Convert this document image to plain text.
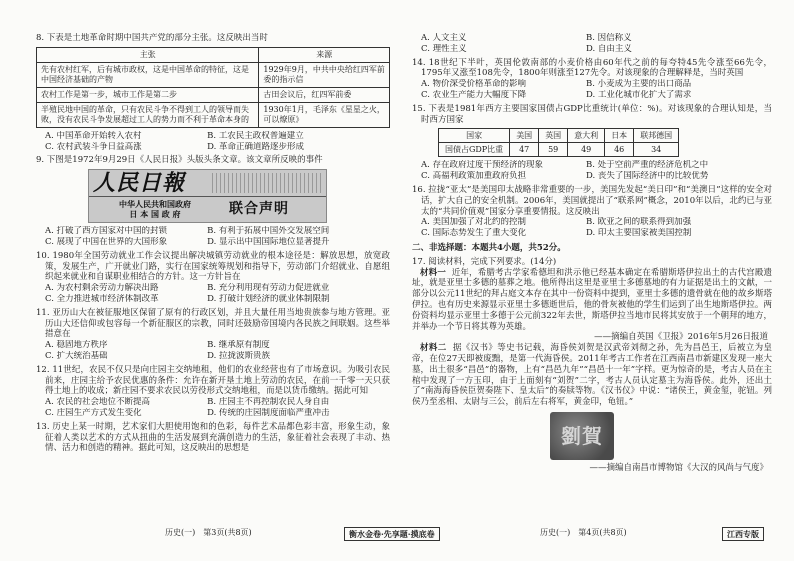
8. 下表是土地革命时期中国共产党的部分主张。这反映出当时

主张	来源
先有农村红军，后有城市政权，这是中国革命的特征，这是中国经济基础的产物	1929年9月，中共中央给红四军前委的指示信
农村工作是第一步，城市工作是第二步	古田会议后，红四军前委
半殖民地中国的革命，只有农民斗争不得到工人的领导而失败，没有农民斗争发展超过工人的势力而不利于革命本身的	1930年1月，毛泽东《星星之火，可以燎原》
A. 中国革命开始转入农村	B. 工农民主政权普遍建立
C. 农村武装斗争日益高涨	D. 革命正确道路逐步形成

9. 下图是1972年9月29日《人民日报》头版头条文章。该文章所反映的事件

人民日報
中华人民共和国政府
日 本 国 政 府	联合声明
A. 打破了西方国家对中国的封锁	B. 有利于拓展中国外交发展空间
C. 展现了中国在世界的大国形象	D. 显示出中国国际地位显著提升

10. 1980年全国劳动就业工作会议提出解决城镇劳动就业的根本途径是：解放思想，放宽政策，发展生产，广开就业门路，实行在国家统筹规划和指导下，劳动部门介绍就业、自愿组织起来就业和自谋职业相结合的方针。这一方针旨在

A. 为农村剩余劳动力解决出路	B. 充分利用现有劳动力促进就业
C. 全力推进城市经济体制改革	D. 打破计划经济的就业体制限制

11. 亚历山大在被征服地区保留了原有的行政区划，并且大量任用当地贵族参与地方管理。亚历山大还信仰或包容每一个新征服区的宗教，同时还鼓励帝国境内各民族之间联姻。这些举措意在

A. 稳固地方秩序	B. 继承原有制度
C. 扩大统治基础	D. 拉拢波斯贵族

12. 11世纪，农民不仅只是向庄园主交纳地租，他们的农业经营也有了市场意识。为吸引农民前来，庄园主给予农民优惠的条件：允许在新开垦土地上劳动的农民，在前一千零一天只获得土地上的收成；新庄园不要求农民以劳役形式交纳地租，而是以货币缴纳。据此可知

A. 农民的社会地位不断提高	B. 庄园主不再控制农民人身自由
C. 庄园生产方式发生变化	D. 传统的庄园制度面临严重冲击

13. 历史上某一时期，艺术家们大胆使用饱和的色彩，每件艺术品都色彩丰富，形象生动，象征着人类以艺术的方式从扭曲的生活发展到充满创造力的生活，象征着社会表现了丰动、热情、活力和创造的精神。据此可知，这反映出的思想是

A. 人文主义	B. 因信称义
C. 理性主义	D. 自由主义

14. 18世纪下半叶，英国伦敦南部的小麦价格由60年代之前的每夸特45先令涨至66先令，1795年又涨至108先令，1800年则涨至127先令。对该现象的合理解释是，当时英国

A. 物价深受价格革命的影响	B. 小麦成为主要的出口商品
C. 农业生产能力大幅度下降	D. 工业化城市化扩大了需求

15. 下表是1981年西方主要国家国债占GDP比重统计(单位：%)。对该现象的合理认知是，当时西方国家

国家	美国	英国	意大利	日本	联邦德国
国债占GDP比重	47	59	49	46	34
A. 存在政府过度干预经济的现象	B. 处于空前严重的经济危机之中
C. 高福利政策加重政府负担	D. 丧失了国际经济中的比较优势

16. 拉拢“亚太”是美国印太战略非常重要的一步，美国先发起“美日印”和“美澳日”这样的安全对话，扩大自己的安全机制。2006年，美国就提出了“联系网”概念，2010年以后，北约已与亚太的“共同价值观”国家分享重要情报。这反映出

A. 美国加强了对北约的控制	B. 欧亚之间的联系得到加强
C. 国际态势发生了重大变化	D. 印太主要国家被美国控制
二、非选择题：本题共4小题，共52分。

17. 阅读材料，完成下列要求。(14分)

材料一 近年，希腊考古学家希德坦和洪示他已经基本确定在希腊斯塔伊拉出土的古代宫殿遗址，就是亚里士多德的墓葬之地。他所得出这里是亚里士多德墓地的有力证据是出土的文献，一部分以公元11世纪的拜占庭文本存在其中一份资料中提到，亚里士多德的遗骨就在他的故乡斯塔伊拉。也有历史来源显示亚里士多德逝世后，他的骨灰被他的学生们运到了出生地斯塔伊拉。两份资料均显示亚里士多德于公元前322年去世，斯塔伊拉当地市民将其安放于一个朝拜的地方，并举办一个节日将其尊为英雄。

——摘编自英国《卫报》2016年5月26日报道

材料二 据《汉书》等史书记载，海昏侯刘贺是汉武帝刘彻之孙，先为昌邑王，后被立为皇帝，在位27天即被废黜，是第一代海昏侯。2011年考古工作者在江西南昌市新建区发现一座大墓，出土很多“昌邑”的器物，上有“昌邑九年”“昌邑十一年”字样。更为惊奇的是，考古人员在主棺中发现了一方玉印，由于上面刻有“刘贺”二字，考古人员认定墓主为海昏侯。此外，还出土了“南海海昏侯臣贺奏陛下、皇太后”的奏牍等物。《汉书仪》中说：“诸侯王，黄金玺，驼钮。列侯乃至丞相、太尉与三公，前后左右将军，黄金印，龟钮。”

劉賀
——摘编自南昌市博物馆《大汉的风尚与气度》
历史(一)　第3页(共8页)	衡水金卷·先享题·摸底卷	历史(一)　第4页(共8页)	江西专版
